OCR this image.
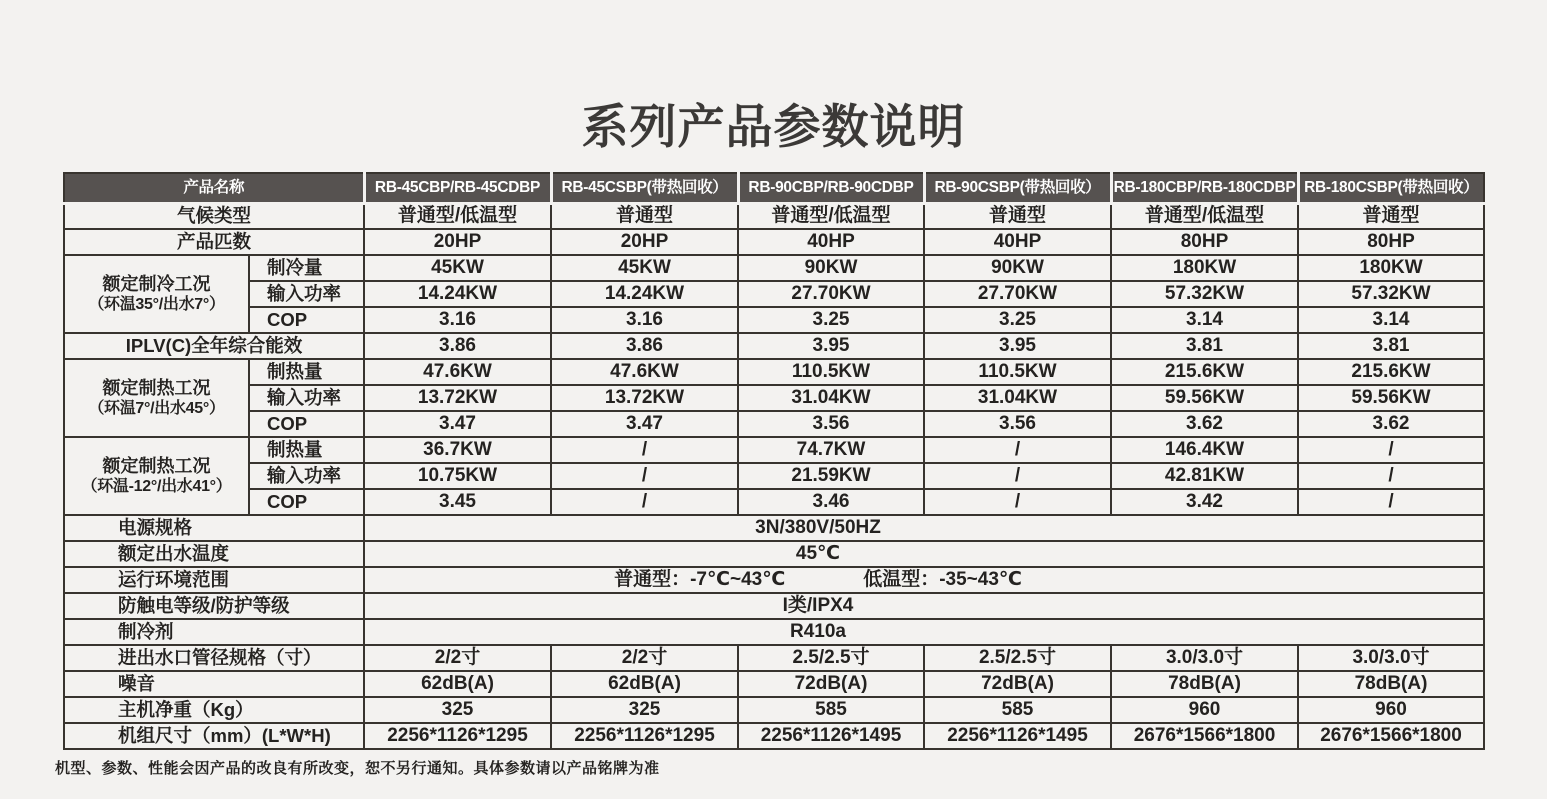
系列产品参数说明
产品名称		RB-45CBP/RB-45CDBP	RB-45CSBP(带热回收）	RB-90CBP/RB-90CDBP	RB-90CSBP(带热回收）	RB-180CBP/RB-180CDBP	RB-180CSBP(带热回收）
气候类型		普通型/低温型	普通型	普通型/低温型	普通型	普通型/低温型	普通型
产品匹数		20HP	20HP	40HP	40HP	80HP	80HP

额定制冷工况
（环温35°/出水7°）	制冷量	45KW	45KW	90KW	90KW	180KW	180KW
	输入功率	14.24KW	14.24KW	27.70KW	27.70KW	57.32KW	57.32KW
	COP	3.16	3.16	3.25	3.25	3.14	3.14
IPLV(C)全年综合能效		3.86	3.86	3.95	3.95	3.81	3.81

额定制热工况
（环温7°/出水45°）	制热量	47.6KW	47.6KW	110.5KW	110.5KW	215.6KW	215.6KW
	输入功率	13.72KW	13.72KW	31.04KW	31.04KW	59.56KW	59.56KW
	COP	3.47	3.47	3.56	3.56	3.62	3.62

额定制热工况
（环温-12°/出水41°）	制热量	36.7KW	/	74.7KW	/	146.4KW	/
	输入功率	10.75KW	/	21.59KW	/	42.81KW	/
	COP	3.45	/	3.46	/	3.42	/
电源规格		3N/380V/50HZ					
额定出水温度		45℃					
运行环境范围		普通型：-7℃~43℃ 低温型：-35~43℃					

防触电等级/防护等级		I类/IPX4					
制冷剂		R410a					
进出水口管径规格（寸）		2/2寸	2/2寸	2.5/2.5寸	2.5/2.5寸	3.0/3.0寸	3.0/3.0寸
噪音		62dB(A)	62dB(A)	72dB(A)	72dB(A)	78dB(A)	78dB(A)
主机净重（Kg）		325	325	585	585	960	960
机组尺寸（mm）(L*W*H)		2256*1126*1295	2256*1126*1295	2256*1126*1495	2256*1126*1495	2676*1566*1800	2676*1566*1800
机型、参数、性能会因产品的改良有所改变，恕不另行通知。具体参数请以产品铭牌为准
